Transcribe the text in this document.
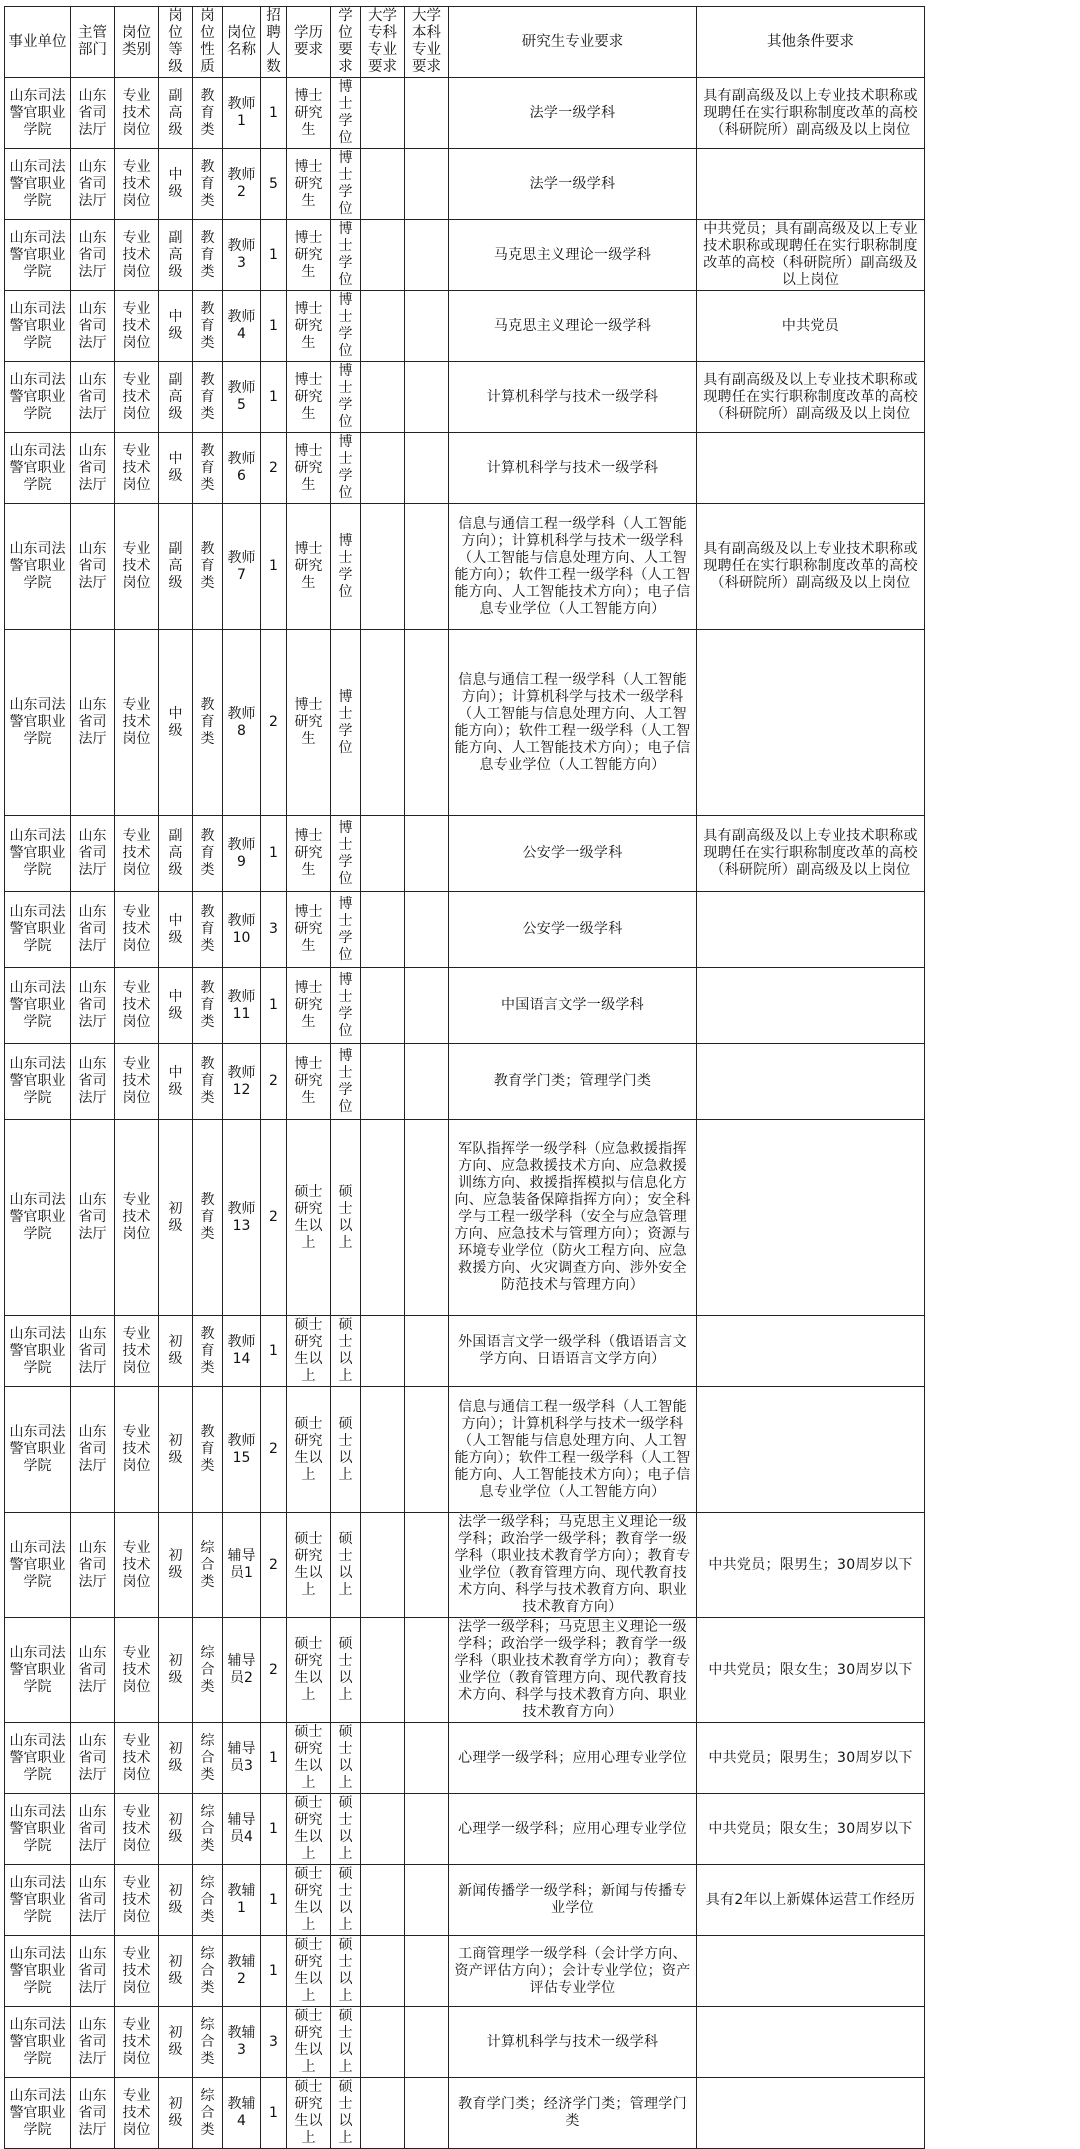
事业单位	主管部门	岗位类别	岗位等级	岗位性质	岗位名称	招聘人数	学历要求	学位要求	大学专科专业要求	大学本科专业要求	研究生专业要求	其他条件要求
山东司法警官职业学院	山东省司法厅	专业技术岗位	副高级	教育类	教师1	1	博士研究生	博士学位			法学一级学科	具有副高级及以上专业技术职称或现聘任在实行职称制度改革的高校（科研院所）副高级及以上岗位
山东司法警官职业学院	山东省司法厅	专业技术岗位	中级	教育类	教师2	5	博士研究生	博士学位			法学一级学科	
山东司法警官职业学院	山东省司法厅	专业技术岗位	副高级	教育类	教师3	1	博士研究生	博士学位			马克思主义理论一级学科	中共党员；具有副高级及以上专业技术职称或现聘任在实行职称制度改革的高校（科研院所）副高级及以上岗位
山东司法警官职业学院	山东省司法厅	专业技术岗位	中级	教育类	教师4	1	博士研究生	博士学位			马克思主义理论一级学科	中共党员
山东司法警官职业学院	山东省司法厅	专业技术岗位	副高级	教育类	教师5	1	博士研究生	博士学位			计算机科学与技术一级学科	具有副高级及以上专业技术职称或现聘任在实行职称制度改革的高校（科研院所）副高级及以上岗位
山东司法警官职业学院	山东省司法厅	专业技术岗位	中级	教育类	教师6	2	博士研究生	博士学位			计算机科学与技术一级学科	
山东司法警官职业学院	山东省司法厅	专业技术岗位	副高级	教育类	教师7	1	博士研究生	博士学位			信息与通信工程一级学科（人工智能方向）；计算机科学与技术一级学科（人工智能与信息处理方向、人工智能方向）；软件工程一级学科（人工智能方向、人工智能技术方向）；电子信息专业学位（人工智能方向）	具有副高级及以上专业技术职称或现聘任在实行职称制度改革的高校（科研院所）副高级及以上岗位
山东司法警官职业学院	山东省司法厅	专业技术岗位	中级	教育类	教师8	2	博士研究生	博士学位			信息与通信工程一级学科（人工智能方向）；计算机科学与技术一级学科（人工智能与信息处理方向、人工智能方向）；软件工程一级学科（人工智能方向、人工智能技术方向）；电子信息专业学位（人工智能方向）	
山东司法警官职业学院	山东省司法厅	专业技术岗位	副高级	教育类	教师9	1	博士研究生	博士学位			公安学一级学科	具有副高级及以上专业技术职称或现聘任在实行职称制度改革的高校（科研院所）副高级及以上岗位
山东司法警官职业学院	山东省司法厅	专业技术岗位	中级	教育类	教师10	3	博士研究生	博士学位			公安学一级学科	
山东司法警官职业学院	山东省司法厅	专业技术岗位	中级	教育类	教师11	1	博士研究生	博士学位			中国语言文学一级学科	
山东司法警官职业学院	山东省司法厅	专业技术岗位	中级	教育类	教师12	2	博士研究生	博士学位			教育学门类；管理学门类	
山东司法警官职业学院	山东省司法厅	专业技术岗位	初级	教育类	教师13	2	硕士研究生以上	硕士以上			军队指挥学一级学科（应急救援指挥方向、应急救援技术方向、应急救援训练方向、救援指挥模拟与信息化方向、应急装备保障指挥方向）；安全科学与工程一级学科（安全与应急管理方向、应急技术与管理方向）；资源与环境专业学位（防火工程方向、应急救援方向、火灾调查方向、涉外安全防范技术与管理方向）	
山东司法警官职业学院	山东省司法厅	专业技术岗位	初级	教育类	教师14	1	硕士研究生以上	硕士以上			外国语言文学一级学科（俄语语言文学方向、日语语言文学方向）	
山东司法警官职业学院	山东省司法厅	专业技术岗位	初级	教育类	教师15	2	硕士研究生以上	硕士以上			信息与通信工程一级学科（人工智能方向）；计算机科学与技术一级学科（人工智能与信息处理方向、人工智能方向）；软件工程一级学科（人工智能方向、人工智能技术方向）；电子信息专业学位（人工智能方向）	
山东司法警官职业学院	山东省司法厅	专业技术岗位	初级	综合类	辅导员1	2	硕士研究生以上	硕士以上			法学一级学科；马克思主义理论一级学科；政治学一级学科；教育学一级学科（职业技术教育学方向）；教育专业学位（教育管理方向、现代教育技术方向、科学与技术教育方向、职业技术教育方向）	中共党员；限男生；30周岁以下
山东司法警官职业学院	山东省司法厅	专业技术岗位	初级	综合类	辅导员2	2	硕士研究生以上	硕士以上			法学一级学科；马克思主义理论一级学科；政治学一级学科；教育学一级学科（职业技术教育学方向）；教育专业学位（教育管理方向、现代教育技术方向、科学与技术教育方向、职业技术教育方向）	中共党员；限女生；30周岁以下
山东司法警官职业学院	山东省司法厅	专业技术岗位	初级	综合类	辅导员3	1	硕士研究生以上	硕士以上			心理学一级学科；应用心理专业学位	中共党员；限男生；30周岁以下
山东司法警官职业学院	山东省司法厅	专业技术岗位	初级	综合类	辅导员4	1	硕士研究生以上	硕士以上			心理学一级学科；应用心理专业学位	中共党员；限女生；30周岁以下
山东司法警官职业学院	山东省司法厅	专业技术岗位	初级	综合类	教辅1	1	硕士研究生以上	硕士以上			新闻传播学一级学科；新闻与传播专业学位	具有2年以上新媒体运营工作经历
山东司法警官职业学院	山东省司法厅	专业技术岗位	初级	综合类	教辅2	1	硕士研究生以上	硕士以上			工商管理学一级学科（会计学方向、资产评估方向）；会计专业学位；资产评估专业学位	
山东司法警官职业学院	山东省司法厅	专业技术岗位	初级	综合类	教辅3	3	硕士研究生以上	硕士以上			计算机科学与技术一级学科	
山东司法警官职业学院	山东省司法厅	专业技术岗位	初级	综合类	教辅4	1	硕士研究生以上	硕士以上			教育学门类；经济学门类；管理学门类	
